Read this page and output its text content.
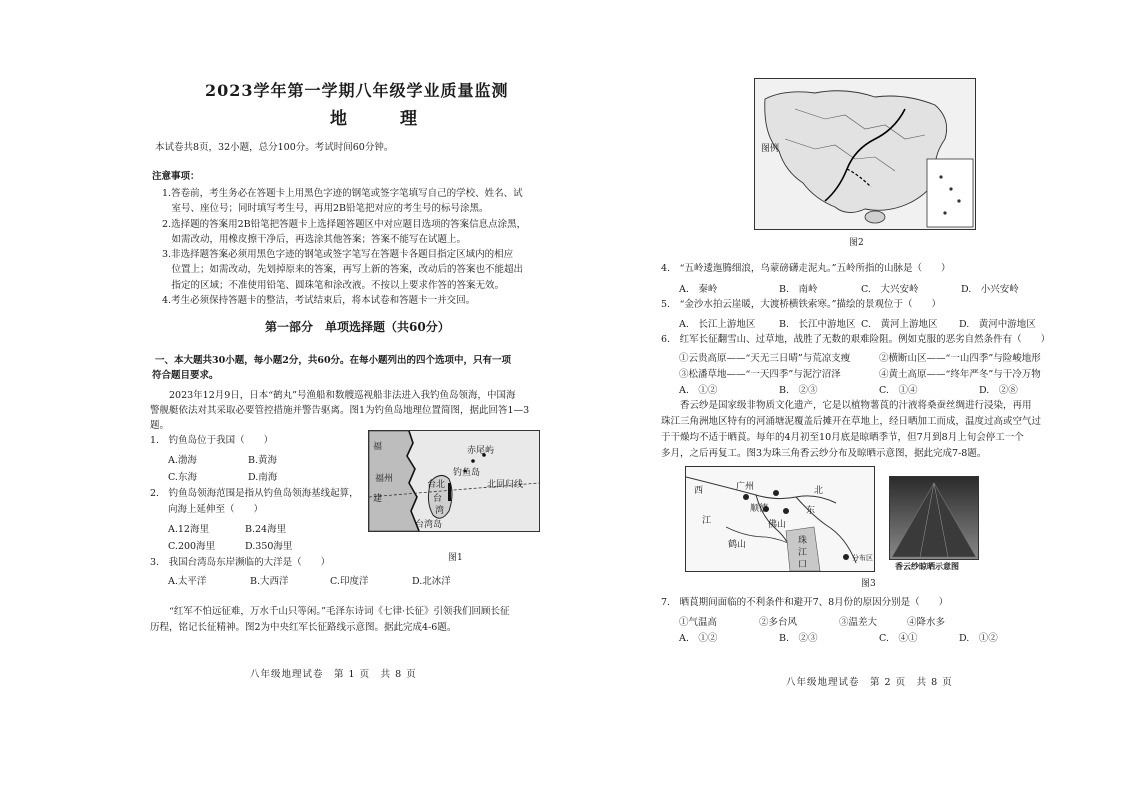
2023学年第一学期八年级学业质量监测
地　理
本试卷共8页，32小题，总分100分。考试时间60分钟。
注意事项：
1.答卷前，考生务必在答题卡上用黑色字迹的钢笔或签字笔填写自己的学校、姓名、试
　室号、座位号；同时填写考生号，再用2B铅笔把对应的考生号的标号涂黑。
2.选择题的答案用2B铅笔把答题卡上选择题答题区中对应题目选项的答案信息点涂黑，
　如需改动，用橡皮擦干净后，再选涂其他答案；答案不能写在试题上。
3.非选择题答案必须用黑色字迹的钢笔或签字笔写在答题卡各题目指定区域内的相应
　位置上；如需改动，先划掉原来的答案，再写上新的答案，改动后的答案也不能超出
　指定的区域；不准使用铅笔、圆珠笔和涂改液。不按以上要求作答的答案无效。
4.考生必须保持答题卡的整洁，考试结束后，将本试卷和答题卡一并交回。
第一部分　单项选择题（共60分）
一、本大题共30小题，每小题2分，共60分。在每小题列出的四个选项中，只有一项
符合题目要求。
　　2023年12月9日，日本“鹤丸”号渔船和数艘巡视船非法进入我钓鱼岛领海，中国海
警舰艇依法对其采取必要管控措施并警告驱离。图1为钓鱼岛地理位置简图，据此回答1—3
题。
1.　钓鱼岛位于我国（　　）
A.渤海	B.黄海
C.东海	D.南海
2.　钓鱼岛领海范围是指从钓鱼岛领海基线起算，
向海上延伸至（　　）
A.12海里	B.24海里
C.200海里	D.350海里
3.　我国台湾岛东岸濒临的大洋是（　　）
A.太平洋	B.大西洋	C.印度洋	D.北冰洋
福
福州
建
赤尾屿
钓鱼岛
台北
台
湾
台湾岛
北回归线
图1
　　“红军不怕远征难，万水千山只等闲。”毛泽东诗词《七律·长征》引领我们回顾长征
历程，铭记长征精神。图2为中央红军长征路线示意图。据此完成4-6题。
八年级地理试卷　第 1 页　共 8 页
图例
图2
4.　“五岭逶迤腾细浪，乌蒙磅礴走泥丸。”五岭所指的山脉是（　　）
A.　秦岭	B.　南岭	C.　大兴安岭	D.　小兴安岭
5.　“金沙水拍云崖暖，大渡桥横铁索寒。”描绘的景观位于（　　）
A.　长江上游地区 B.　长江中游地区 C.　黄河上游地区 D.　黄河中游地区
6.　红军长征翻雪山、过草地，战胜了无数的艰难险阻。例如克服的恶劣自然条件有（　　）
①云贵高原——“天无三日晴”与荒凉支瘦	②横断山区——“一山四季”与险峻地形
③松潘草地——“一天四季”与泥泞沼泽	④黄土高原——“终年严冬”与干冷万物
A.　①②	B.　②③	C.　①④	D.　②⑧
　　香云纱是国家级非物质文化遗产，它是以植物薯莨的汁液将桑蚕丝绸进行浸染，再用
珠江三角洲地区特有的河涌塘泥覆盖后摊开在草地上，经日晒加工而成，温度过高或空气过
于干燥均不适于晒莨。每年的4月初至10月底是晾晒季节，但7月到8月上旬会停工一个
多月，之后再复工。图3为珠三角香云纱分布及晾晒示意图，据此完成7-8题。
广州
西
江
北
东
珠
江
口
顺德
佛山
鹤山
分布区
香云纱晾晒示意图
图3
7.　晒莨期间面临的不利条件和避开7、8月份的原因分别是（　　）
①气温高	②多台风	③温差大	④降水多
A.　①②	B.　②③	C.　④①	D.　①②
八年级地理试卷　第 2 页　共 8 页
